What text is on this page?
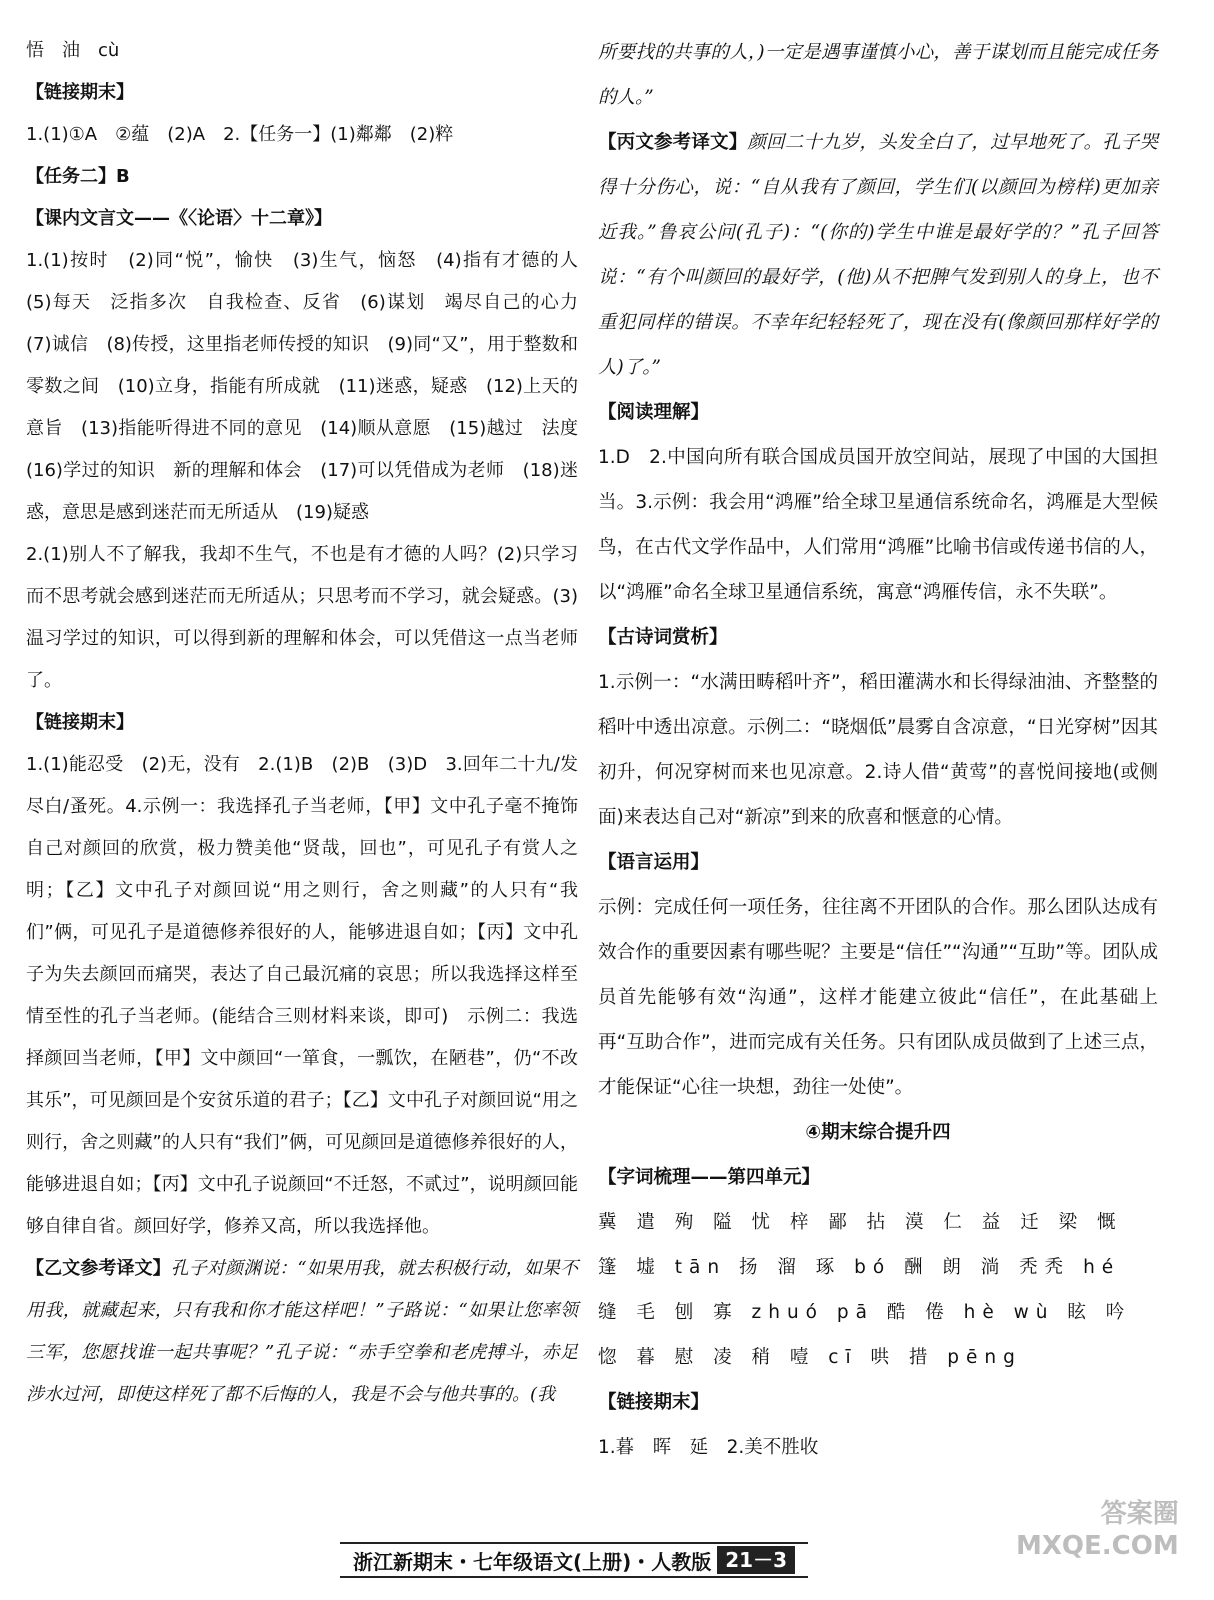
悟　油　cù

【链接期末】

1.(1)①A　②蕴　(2)A　2.【任务一】(1)鄰鄰　(2)粹

【任务二】B

【课内文言文——《〈论语〉十二章》】

1.(1)按时　(2)同“悦”，愉快　(3)生气，恼怒　(4)指有才德的人　(5)每天　泛指多次　自我检查、反省　(6)谋划　竭尽自己的心力　(7)诚信　(8)传授，这里指老师传授的知识　(9)同“又”，用于整数和零数之间　(10)立身，指能有所成就　(11)迷惑，疑惑　(12)上天的意旨　(13)指能听得进不同的意见　(14)顺从意愿　(15)越过　法度　(16)学过的知识　新的理解和体会　(17)可以凭借成为老师　(18)迷惑，意思是感到迷茫而无所适从　(19)疑惑

2.(1)别人不了解我，我却不生气，不也是有才德的人吗？(2)只学习而不思考就会感到迷茫而无所适从；只思考而不学习，就会疑惑。(3)温习学过的知识，可以得到新的理解和体会，可以凭借这一点当老师了。

【链接期末】

1.(1)能忍受　(2)无，没有　2.(1)B　(2)B　(3)D　3.回年二十九/发尽白/蚤死。4.示例一：我选择孔子当老师，【甲】文中孔子毫不掩饰自己对颜回的欣赏，极力赞美他“贤哉，回也”，可见孔子有赏人之明；【乙】文中孔子对颜回说“用之则行，舍之则藏”的人只有“我们”俩，可见孔子是道德修养很好的人，能够进退自如；【丙】文中孔子为失去颜回而痛哭，表达了自己最沉痛的哀思；所以我选择这样至情至性的孔子当老师。(能结合三则材料来谈，即可)　示例二：我选择颜回当老师，【甲】文中颜回“一箪食，一瓢饮，在陋巷”，仍“不改其乐”，可见颜回是个安贫乐道的君子；【乙】文中孔子对颜回说“用之则行，舍之则藏”的人只有“我们”俩，可见颜回是道德修养很好的人，能够进退自如；【丙】文中孔子说颜回“不迁怒，不贰过”，说明颜回能够自律自省。颜回好学，修养又高，所以我选择他。

【乙文参考译文】孔子对颜渊说：“如果用我，就去积极行动，如果不用我，就藏起来，只有我和你才能这样吧！”子路说：“如果让您率领三军，您愿找谁一起共事呢？”孔子说：“赤手空拳和老虎搏斗，赤足涉水过河，即使这样死了都不后悔的人，我是不会与他共事的。(我

所要找的共事的人，)一定是遇事谨慎小心，善于谋划而且能完成任务的人。”

【丙文参考译文】颜回二十九岁，头发全白了，过早地死了。孔子哭得十分伤心，说：“自从我有了颜回，学生们(以颜回为榜样)更加亲近我。”鲁哀公问(孔子)：“(你的)学生中谁是最好学的？”孔子回答说：“有个叫颜回的最好学，(他)从不把脾气发到别人的身上，也不重犯同样的错误。不幸年纪轻轻死了，现在没有(像颜回那样好学的人)了。”

【阅读理解】

1.D　2.中国向所有联合国成员国开放空间站，展现了中国的大国担当。3.示例：我会用“鸿雁”给全球卫星通信系统命名，鸿雁是大型候鸟，在古代文学作品中，人们常用“鸿雁”比喻书信或传递书信的人，以“鸿雁”命名全球卫星通信系统，寓意“鸿雁传信，永不失联”。

【古诗词赏析】

1.示例一：“水满田畴稻叶齐”，稻田灌满水和长得绿油油、齐整整的稻叶中透出凉意。示例二：“晓烟低”晨雾自含凉意，“日光穿树”因其初升，何况穿树而来也见凉意。2.诗人借“黄莺”的喜悦间接地(或侧面)来表达自己对“新凉”到来的欣喜和惬意的心情。

【语言运用】

示例：完成任何一项任务，往往离不开团队的合作。那么团队达成有效合作的重要因素有哪些呢？主要是“信任”“沟通”“互助”等。团队成员首先能够有效“沟通”，这样才能建立彼此“信任”，在此基础上再“互助合作”，进而完成有关任务。只有团队成员做到了上述三点，才能保证“心往一块想，劲往一处使”。

④期末综合提升四

【字词梳理——第四单元】

冀 遣 殉 隘 忧 梓 鄙 拈 漠 仁 益 迁 梁 慨 篷 墟 tān 扬 溜 琢 bó 酬 朗 淌 秃秃 hé 缝 毛 刨 寡 zhuó pā 酷 倦 hè wù 眩 吟 惚 暮 慰 凌 稍 噎 cī 哄 措 pēng

【链接期末】

1.暮　晖　延　2.美不胜收

浙江新期末・七年级语文(上册)・人教版 21－3
答案圈
MXQE.COM
